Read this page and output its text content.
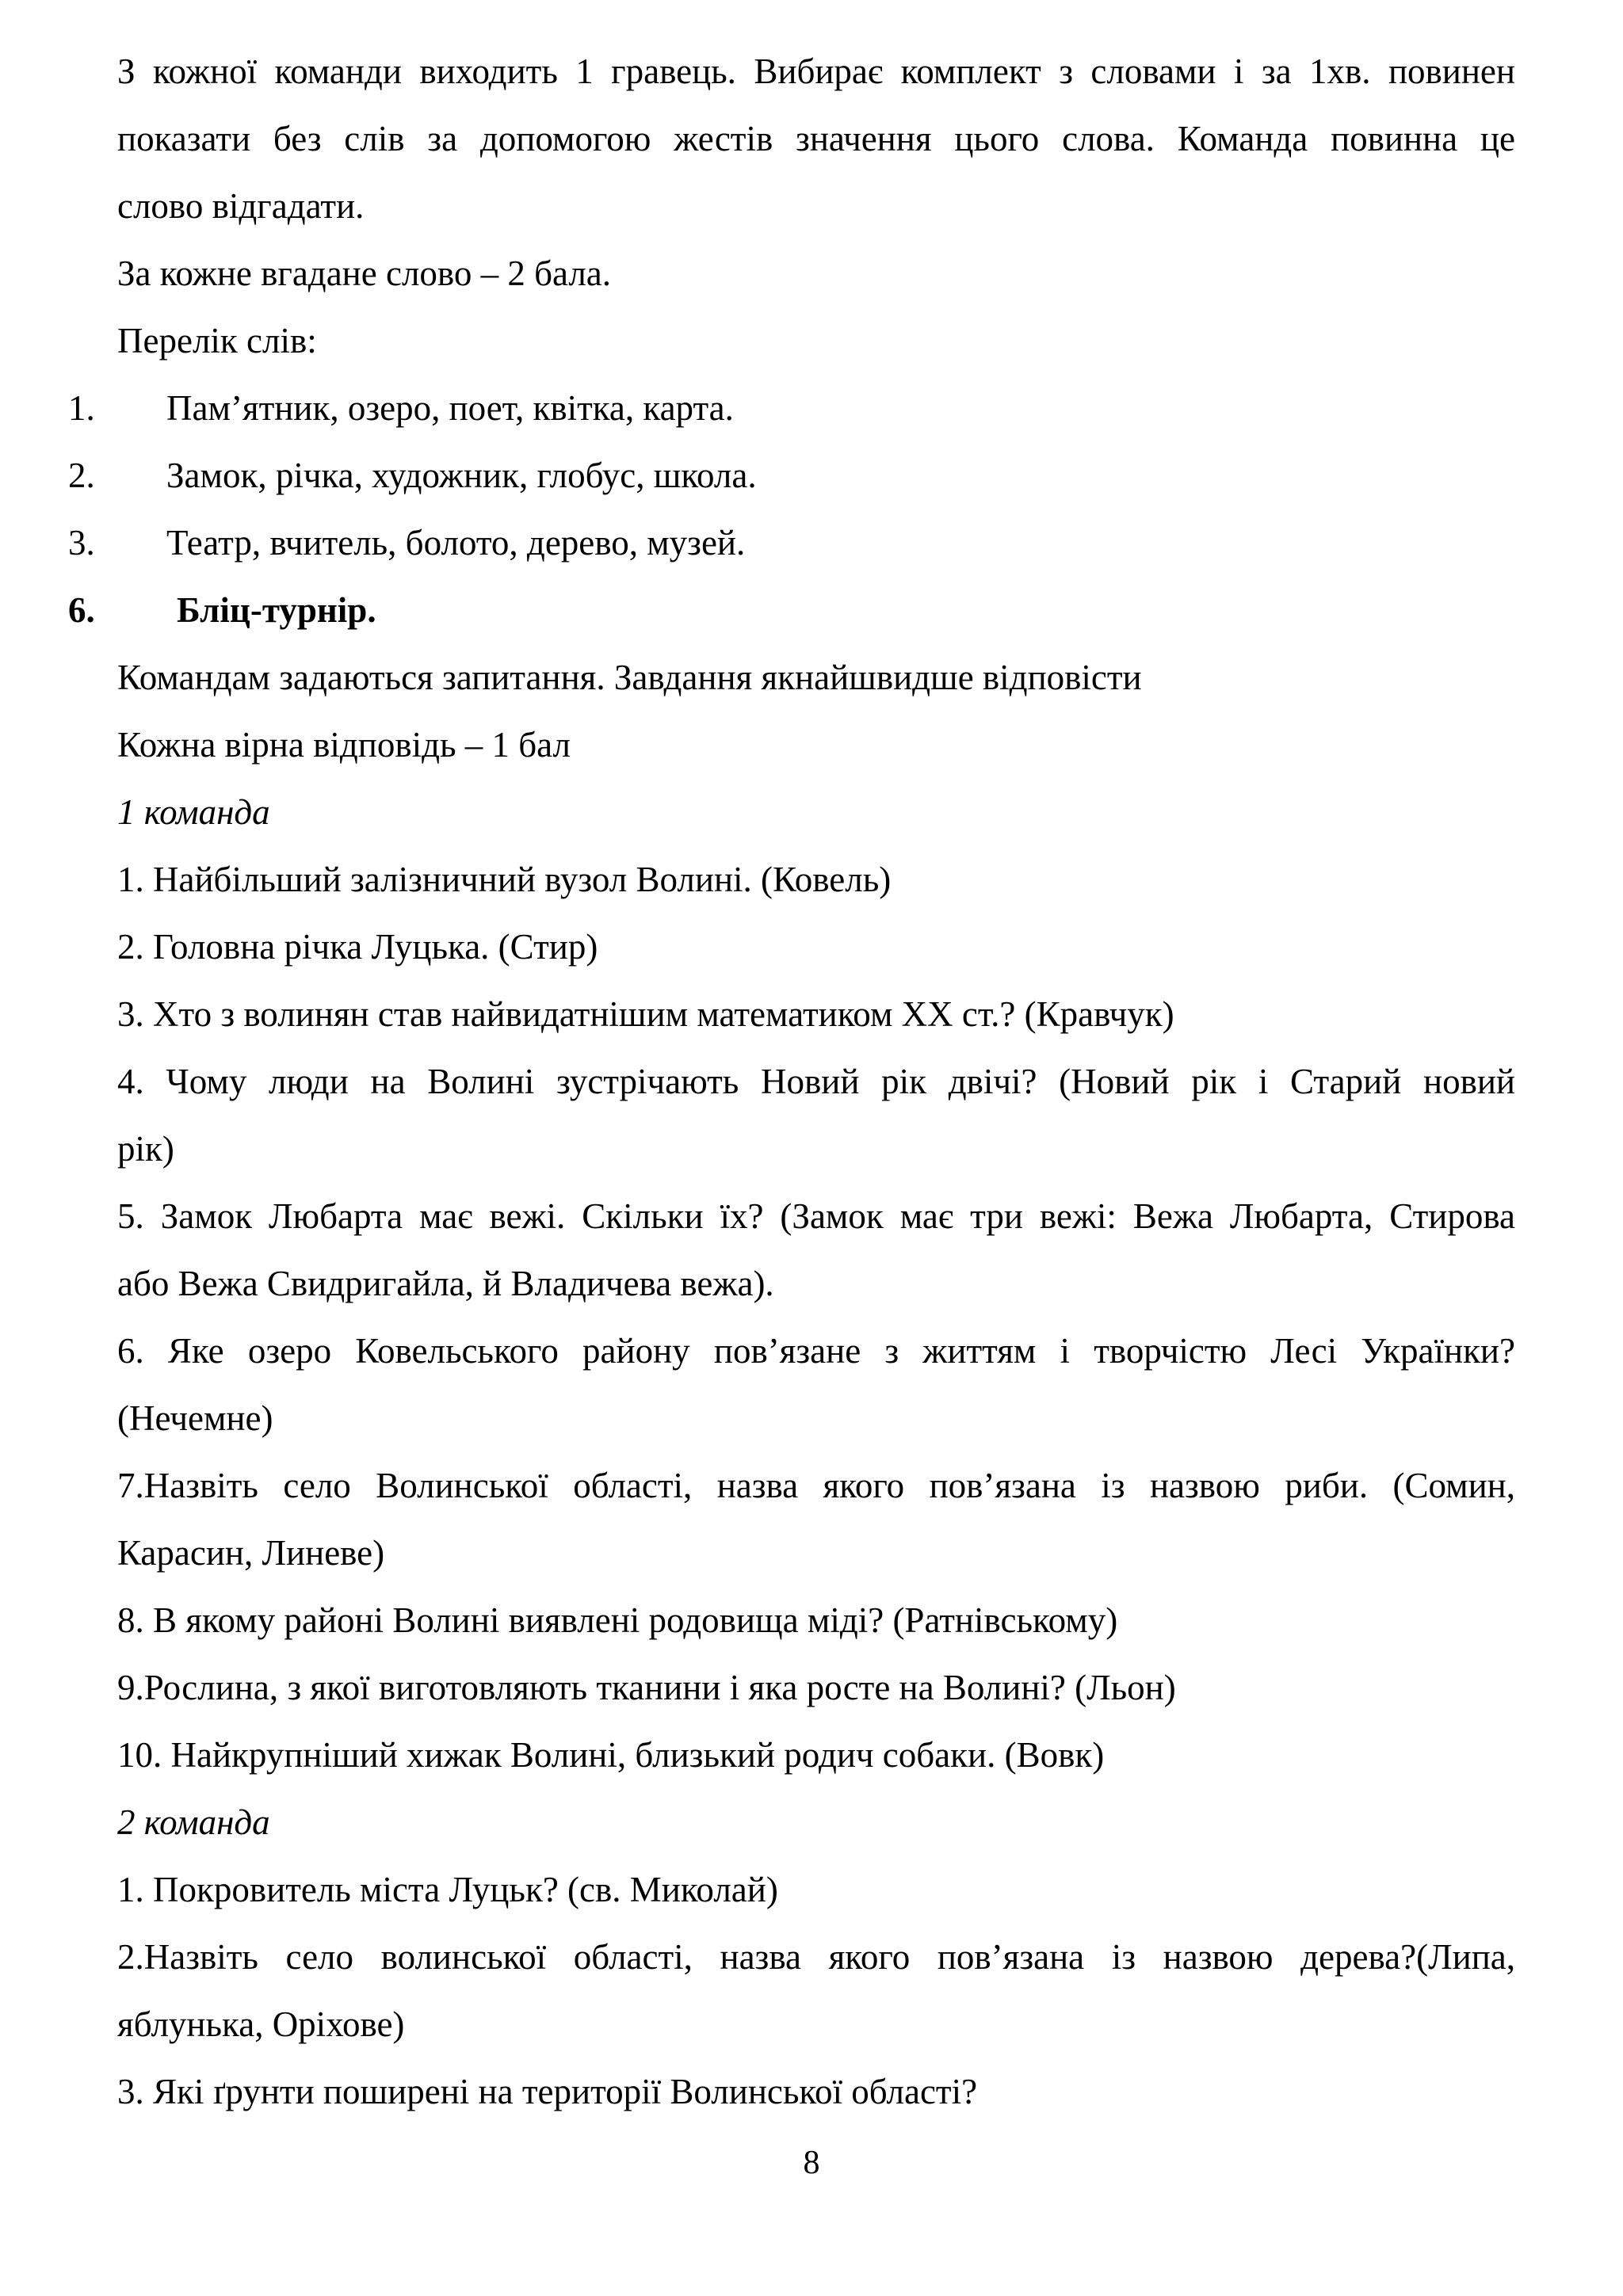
З кожної команди виходить 1 гравець. Вибирає комплект з словами і за 1хв. повинен
показати без слів за допомогою жестів значення цього слова. Команда повинна це
слово відгадати.
За кожне вгадане слово – 2 бала.
Перелік слів:
1. Пам’ятник, озеро, поет, квітка, карта.
2. Замок, річка, художник, глобус, школа.
3. Театр, вчитель, болото, дерево, музей.
6. Бліц-турнір.
Командам задаються запитання. Завдання якнайшвидше відповісти
Кожна вірна відповідь – 1 бал
1 команда
1. Найбільший залізничний вузол Волині. (Ковель)
2. Головна річка Луцька. (Стир)
3. Хто з волинян став найвидатнішим математиком ХХ ст.? (Кравчук)
4. Чому люди на Волині зустрічають Новий рік двічі? (Новий рік і Старий новий
рік)
5. Замок Любарта має вежі. Скільки їх? (Замок має три вежі: Вежа Любарта, Стирова
або Вежа Свидригайла, й Владичева вежа).
6. Яке озеро Ковельського району пов’язане з життям і творчістю Лесі Українки?
(Нечемне)
7.Назвіть село Волинської області, назва якого пов’язана із назвою риби. (Сомин,
Карасин, Линеве)
8. В якому районі Волині виявлені родовища міді? (Ратнівському)
9.Рослина, з якої виготовляють тканини і яка росте на Волині? (Льон)
10. Найкрупніший хижак Волині, близький родич собаки. (Вовк)
2 команда
1. Покровитель міста Луцьк? (св. Миколай)
2.Назвіть село волинської області, назва якого пов’язана із назвою дерева?(Липа,
яблунька, Оріхове)
3. Які ґрунти поширені на території Волинської області?
8
